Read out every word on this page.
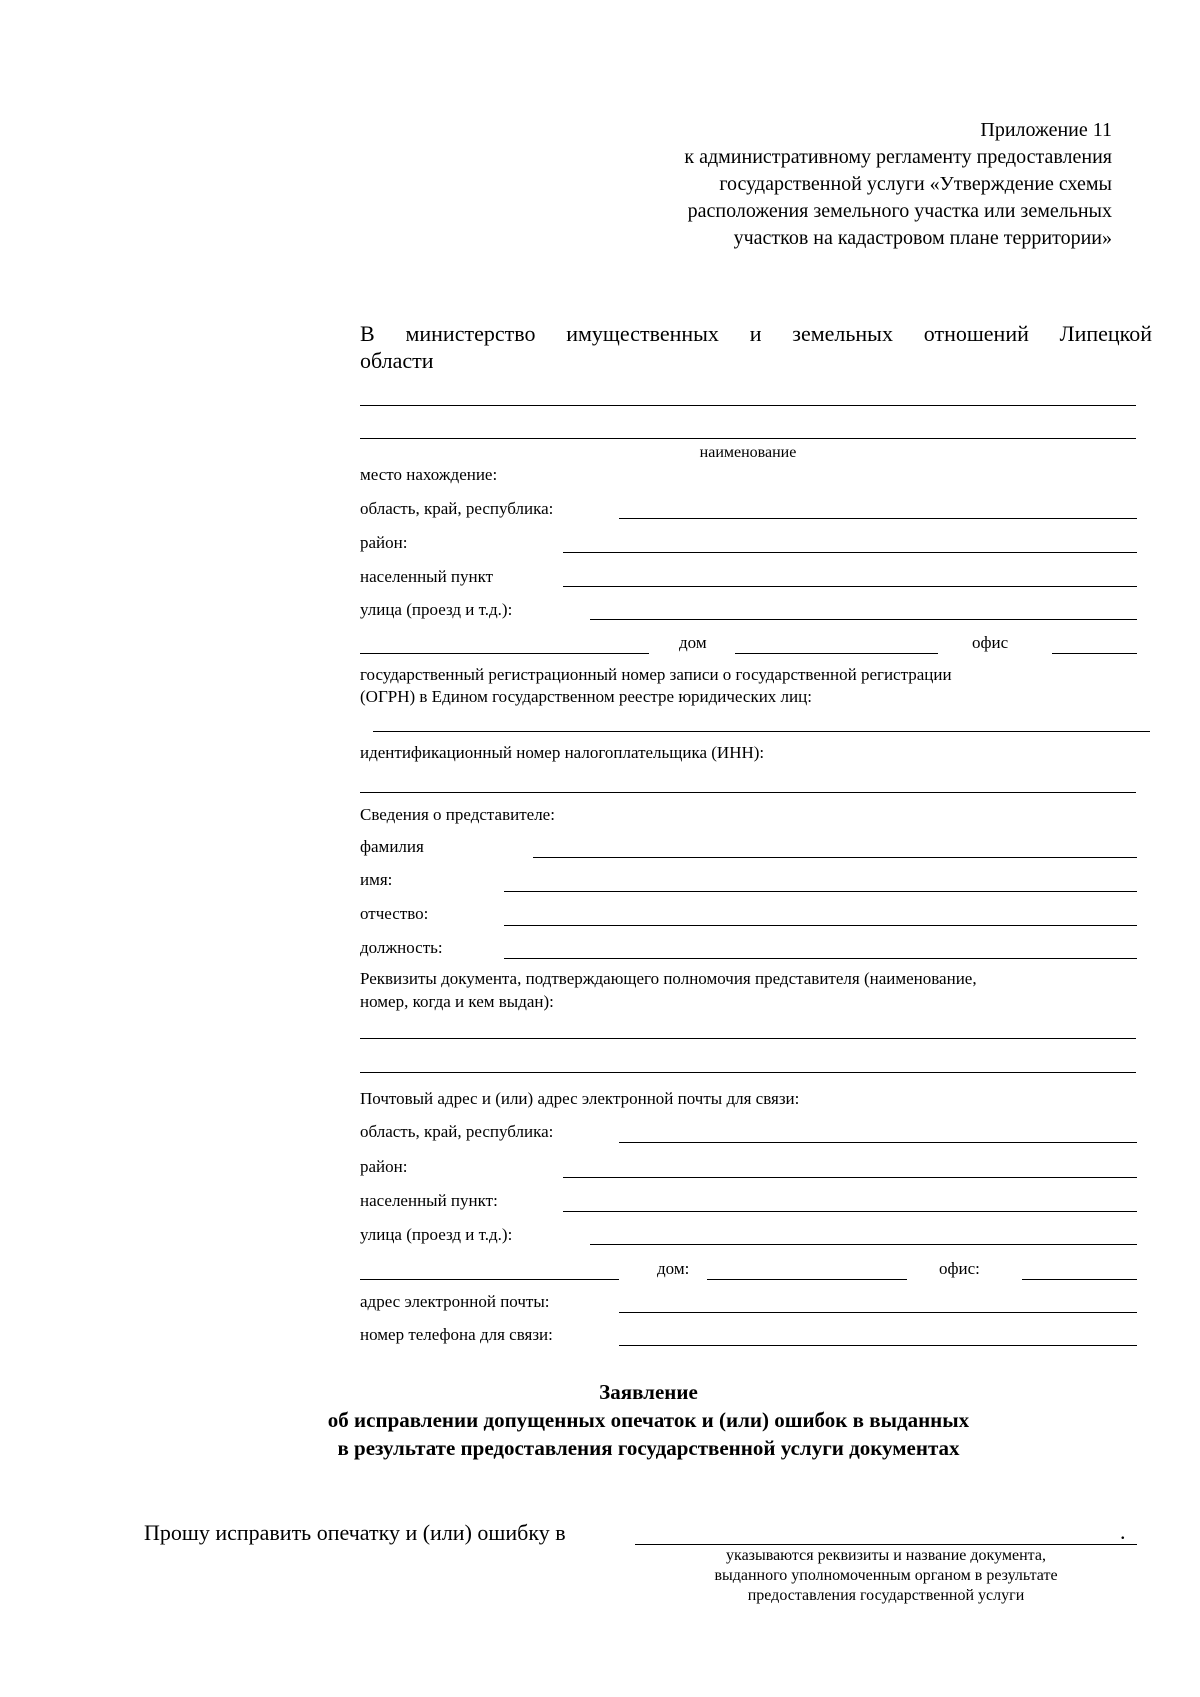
Приложение 11
к административному регламенту предоставления
государственной услуги «Утверждение схемы
расположения земельного участка или земельных
участков на кадастровом плане территории»
В министерство имущественных и земельных отношений Липецкой
области
наименование
место нахождение:
область, край, республика:
район:
населенный пункт
улица (проезд и т.д.):
дом	офис
государственный регистрационный номер записи о государственной регистрации
(ОГРН) в Едином государственном реестре юридических лиц:
идентификационный номер налогоплательщика (ИНН):
Сведения о представителе:
фамилия
имя:
отчество:
должность:
Реквизиты документа, подтверждающего полномочия представителя (наименование,
номер, когда и кем выдан):
Почтовый адрес и (или) адрес электронной почты для связи:
область, край, республика:
район:
населенный пункт:
улица (проезд и т.д.):
дом:	офис:
адрес электронной почты:
номер телефона для связи:
Заявление
об исправлении допущенных опечаток и (или) ошибок в выданных
в результате предоставления государственной услуги документах
Прошу исправить опечатку и (или) ошибку в	.
указываются реквизиты и название документа,
выданного уполномоченным органом в результате
предоставления государственной услуги
